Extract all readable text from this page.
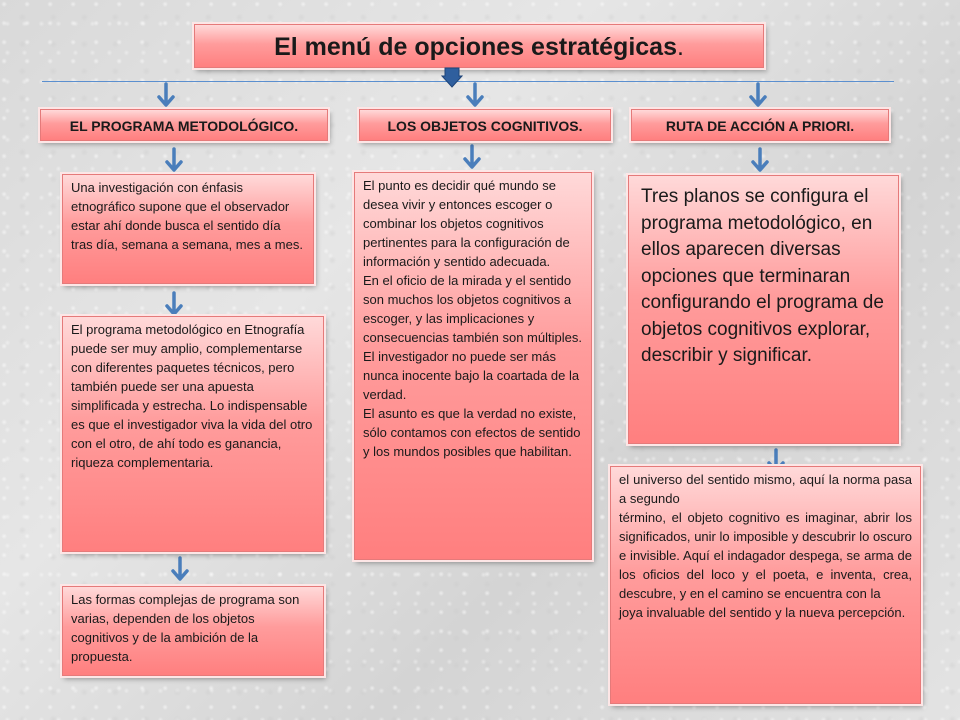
El menú de opciones estratégicas.
EL PROGRAMA METODOLÓGICO.	LOS OBJETOS COGNITIVOS.	RUTA DE ACCIÓN A PRIORI.
Una investigación con énfasis etnográfico supone que el observador estar ahí donde busca el sentido día tras día, semana a semana, mes a mes.
El programa metodológico en Etnografía puede ser muy amplio, complementarse con diferentes paquetes técnicos, pero también puede ser una apuesta simplificada y estrecha. Lo indispensable es que el investigador viva la vida del otro con el otro, de ahí todo es ganancia, riqueza complementaria.
Las formas complejas de programa son varias, dependen de los objetos cognitivos y de la ambición de la propuesta.
El punto es decidir qué mundo se desea vivir y entonces escoger o combinar los objetos cognitivos pertinentes para la configuración de información y sentido adecuada.
En el oficio de la mirada y el sentido son muchos los objetos cognitivos a escoger, y las implicaciones y consecuencias también son múltiples. El investigador no puede ser más nunca inocente bajo la coartada de la verdad.
El asunto es que la verdad no existe, sólo contamos con efectos de sentido y los mundos posibles que habilitan.
Tres planos se configura el programa metodológico, en ellos aparecen diversas opciones que terminaran configurando el programa de objetos cognitivos explorar, describir y significar.
el universo del sentido mismo, aquí la norma pasa a segundo
término, el objeto cognitivo es imaginar, abrir los significados, unir lo imposible y descubrir lo oscuro e invisible. Aquí el indagador despega, se arma de los oficios del loco y el poeta, e inventa, crea, descubre, y en el camino se encuentra con la
joya invaluable del sentido y la nueva percepción.
